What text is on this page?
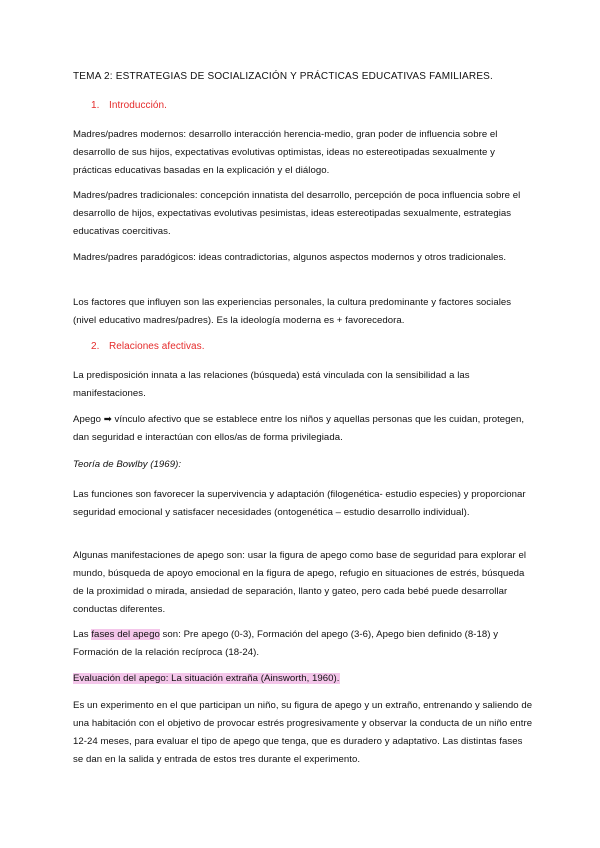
TEMA 2: ESTRATEGIAS DE SOCIALIZACIÓN Y PRÁCTICAS EDUCATIVAS FAMILIARES.
1. Introducción.
Madres/padres modernos: desarrollo interacción herencia-medio, gran poder de influencia sobre el desarrollo de sus hijos, expectativas evolutivas optimistas, ideas no estereotipadas sexualmente y prácticas educativas basadas en la explicación y el diálogo.
Madres/padres tradicionales: concepción innatista del desarrollo, percepción de poca influencia sobre el desarrollo de hijos, expectativas evolutivas pesimistas, ideas estereotipadas sexualmente, estrategias educativas coercitivas.
Madres/padres paradógicos: ideas contradictorias, algunos aspectos modernos y otros tradicionales.
Los factores que influyen son las experiencias personales, la cultura predominante y factores sociales (nivel educativo madres/padres). Es la ideología moderna es + favorecedora.
2. Relaciones afectivas.
La predisposición innata a las relaciones (búsqueda) está vinculada con la sensibilidad a las manifestaciones.
Apego ➡ vínculo afectivo que se establece entre los niños y aquellas personas que les cuidan, protegen, dan seguridad e interactúan con ellos/as de forma privilegiada.
Teoría de Bowlby (1969):
Las funciones son favorecer la supervivencia y adaptación (filogenética- estudio especies) y proporcionar seguridad emocional y satisfacer necesidades (ontogenética – estudio desarrollo individual).
Algunas manifestaciones de apego son: usar la figura de apego como base de seguridad para explorar el mundo, búsqueda de apoyo emocional en la figura de apego, refugio en situaciones de estrés, búsqueda de la proximidad o mirada, ansiedad de separación, llanto y gateo, pero cada bebé puede desarrollar conductas diferentes.
Las fases del apego son: Pre apego (0-3), Formación del apego (3-6), Apego bien definido (8-18) y Formación de la relación recíproca (18-24).
Evaluación del apego: La situación extraña (Ainsworth, 1960).
Es un experimento en el que participan un niño, su figura de apego y un extraño, entrenando y saliendo de una habitación con el objetivo de provocar estrés progresivamente y observar la conducta de un niño entre 12-24 meses, para evaluar el tipo de apego que tenga, que es duradero y adaptativo. Las distintas fases se dan en la salida y entrada de estos tres durante el experimento.
